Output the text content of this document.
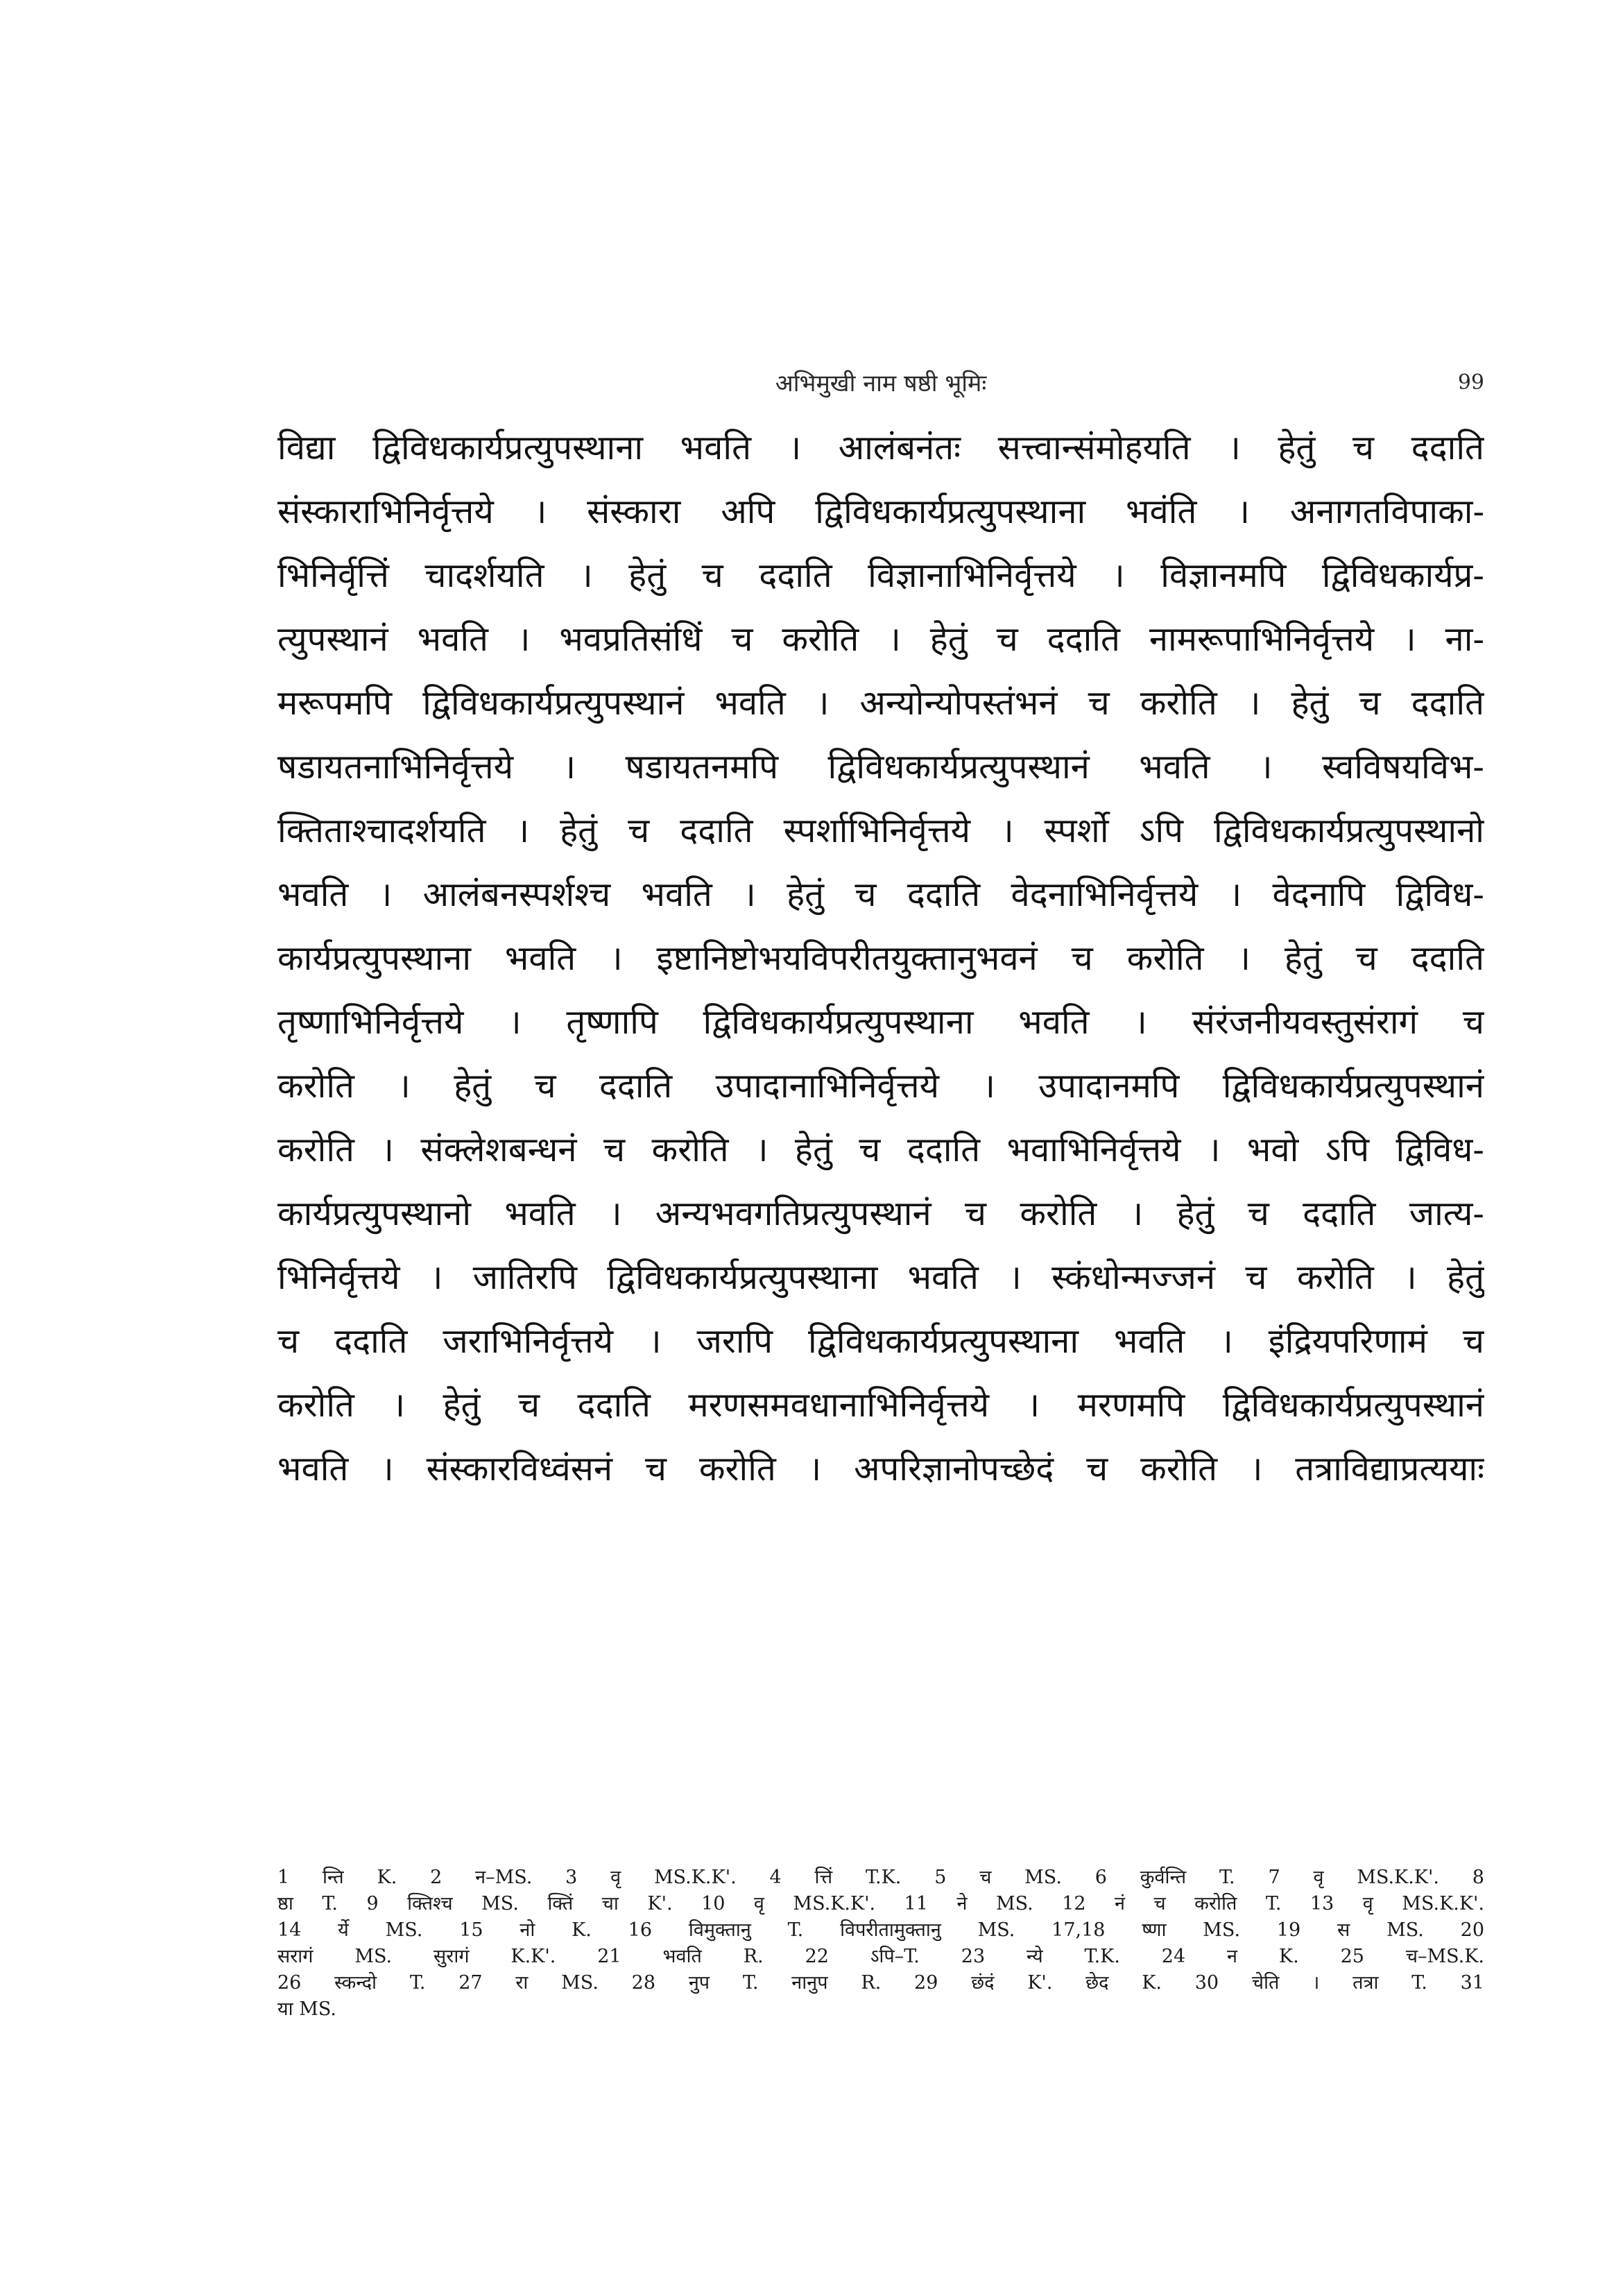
अभिमुखी नाम षष्ठी भूमिः	99
विद्या द्विविधकार्यप्रत्युपस्थाना भवति । आलंबनंतः सत्त्वान्संमोहयति । हेतुं च ददाति
संस्काराभिनिर्वृत्तये । संस्कारा अपि द्विविधकार्यप्रत्युपस्थाना भवंति । अनागतविपाका-
भिनिर्वृत्तिं चादर्शयति । हेतुं च ददाति विज्ञानाभिनिर्वृत्तये । विज्ञानमपि द्विविधकार्यप्र-
त्युपस्थानं भवति । भवप्रतिसंधिं च करोति । हेतुं च ददाति नामरूपाभिनिर्वृत्तये । ना-
मरूपमपि द्विविधकार्यप्रत्युपस्थानं भवति । अन्योन्योपस्तंभनं च करोति । हेतुं च ददाति
षडायतनाभिनिर्वृत्तये । षडायतनमपि द्विविधकार्यप्रत्युपस्थानं भवति । स्वविषयविभ-
क्तिताश्चादर्शयति । हेतुं च ददाति स्पर्शाभिनिर्वृत्तये । स्पर्शो ऽपि द्विविधकार्यप्रत्युपस्थानो
भवति । आलंबनस्पर्शश्च भवति । हेतुं च ददाति वेदनाभिनिर्वृत्तये । वेदनापि द्विविध-
कार्यप्रत्युपस्थाना भवति । इष्टानिष्टोभयविपरीतयुक्तानुभवनं च करोति । हेतुं च ददाति
तृष्णाभिनिर्वृत्तये । तृष्णापि द्विविधकार्यप्रत्युपस्थाना भवति । संरंजनीयवस्तुसंरागं च
करोति । हेतुं च ददाति उपादानाभिनिर्वृत्तये । उपादानमपि द्विविधकार्यप्रत्युपस्थानं
करोति । संक्लेशबन्धनं च करोति । हेतुं च ददाति भवाभिनिर्वृत्तये । भवो ऽपि द्विविध-
कार्यप्रत्युपस्थानो भवति । अन्यभवगतिप्रत्युपस्थानं च करोति । हेतुं च ददाति जात्य-
भिनिर्वृत्तये । जातिरपि द्विविधकार्यप्रत्युपस्थाना भवति । स्कंधोन्मज्जनं च करोति । हेतुं
च ददाति जराभिनिर्वृत्तये । जरापि द्विविधकार्यप्रत्युपस्थाना भवति । इंद्रियपरिणामं च
करोति । हेतुं च ददाति मरणसमवधानाभिनिर्वृत्तये । मरणमपि द्विविधकार्यप्रत्युपस्थानं
भवति । संस्कारविध्वंसनं च करोति । अपरिज्ञानोपच्छेदं च करोति । तत्राविद्याप्रत्ययाः
1 न्ति K. 2 न–MS. 3 वृ MS.K.K'. 4 त्तिं T.K. 5 च MS. 6 कुर्वन्ति T. 7 वृ MS.K.K'. 8
ष्ठा T. 9 क्तिश्च MS. क्तिं चा K'. 10 वृ MS.K.K'. 11 ने MS. 12 नं च करोति T. 13 वृ MS.K.K'.
14 र्ये MS. 15 नो K. 16 विमुक्तानु T. विपरीतामुक्तानु MS. 17,18 ष्णा MS. 19 स MS. 20
सरागं MS. सुरागं K.K'. 21 भवति R. 22 ऽपि–T. 23 न्ये T.K. 24 न K. 25 च–MS.K.
26 स्कन्दो T. 27 रा MS. 28 नुप T. नानुप R. 29 छंदं K'. छेद K. 30 चेति । तत्रा T. 31
या MS.
